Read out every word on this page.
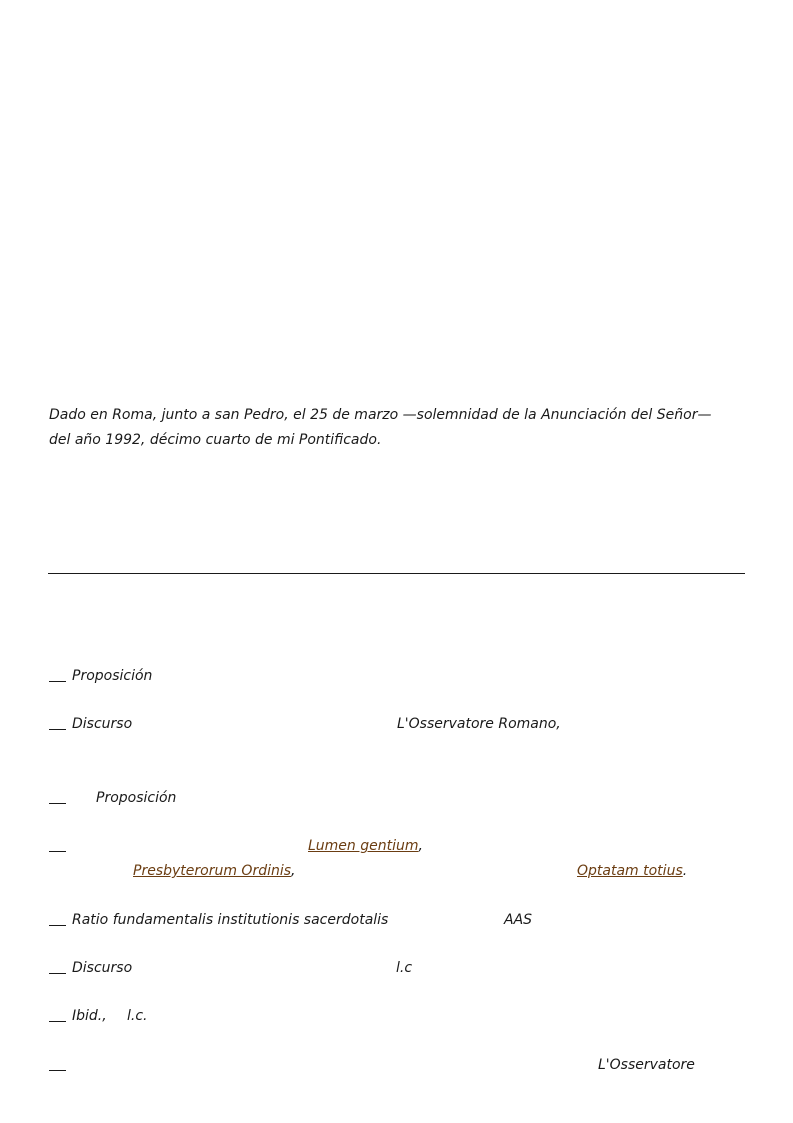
Dado en Roma, junto a san Pedro, el 25 de marzo —solemnidad de la Anunciación del Señor—
del año 1992, décimo cuarto de mi Pontificado.
Proposición
Discurso	L'Osservatore Romano,
Proposición
Lumen gentium,
Presbyterorum Ordinis,	Optatam totius.
Ratio fundamentalis institutionis sacerdotalis	AAS
Discurso	l.c
Ibid., l.c.
L'Osservatore
